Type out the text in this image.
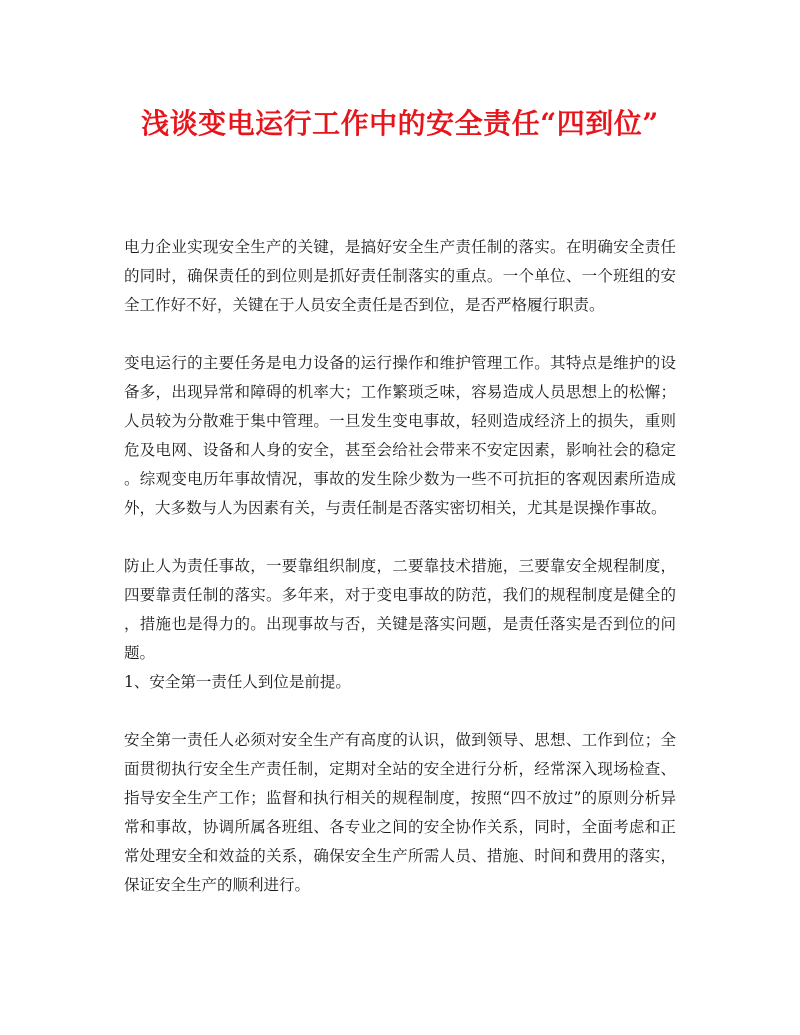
浅谈变电运行工作中的安全责任“四到位”

电力企业实现安全生产的关键，是搞好安全生产责任制的落实。在明确安全责任的同时，确保责任的到位则是抓好责任制落实的重点。一个单位、一个班组的安全工作好不好，关键在于人员安全责任是否到位，是否严格履行职责。

变电运行的主要任务是电力设备的运行操作和维护管理工作。其特点是维护的设备多，出现异常和障碍的机率大；工作繁琐乏味，容易造成人员思想上的松懈；人员较为分散难于集中管理。一旦发生变电事故，轻则造成经济上的损失，重则危及电网、设备和人身的安全，甚至会给社会带来不安定因素，影响社会的稳定。综观变电历年事故情况，事故的发生除少数为一些不可抗拒的客观因素所造成外，大多数与人为因素有关，与责任制是否落实密切相关，尤其是误操作事故。

防止人为责任事故，一要靠组织制度，二要靠技术措施，三要靠安全规程制度，四要靠责任制的落实。多年来，对于变电事故的防范，我们的规程制度是健全的，措施也是得力的。出现事故与否，关键是落实问题，是责任落实是否到位的问题。

1、安全第一责任人到位是前提。

安全第一责任人必须对安全生产有高度的认识，做到领导、思想、工作到位；全面贯彻执行安全生产责任制，定期对全站的安全进行分析，经常深入现场检查、指导安全生产工作；监督和执行相关的规程制度，按照“四不放过”的原则分析异常和事故，协调所属各班组、各专业之间的安全协作关系，同时，全面考虑和正常处理安全和效益的关系，确保安全生产所需人员、措施、时间和费用的落实，保证安全生产的顺利进行。
